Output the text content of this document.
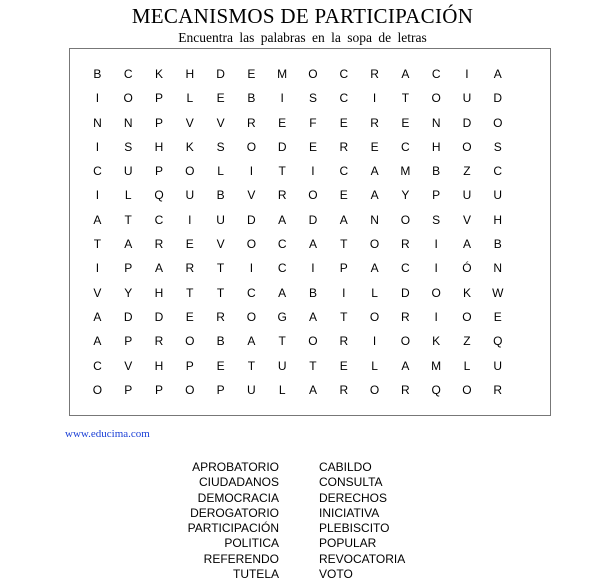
MECANISMOS DE PARTICIPACIÓN
Encuentra las palabras en la sopa de letras
B	C	K	H	D	E	M	O	C	R	A	C	I	A
I	O	P	L	E	B	I	S	C	I	T	O	U	D
N	N	P	V	V	R	E	F	E	R	E	N	D	O
I	S	H	K	S	O	D	E	R	E	C	H	O	S
C	U	P	O	L	I	T	I	C	A	M	B	Z	C
I	L	Q	U	B	V	R	O	E	A	Y	P	U	U
A	T	C	I	U	D	A	D	A	N	O	S	V	H
T	A	R	E	V	O	C	A	T	O	R	I	A	B
I	P	A	R	T	I	C	I	P	A	C	I	Ó	N
V	Y	H	T	T	C	A	B	I	L	D	O	K	W
A	D	D	E	R	O	G	A	T	O	R	I	O	E
A	P	R	O	B	A	T	O	R	I	O	K	Z	Q
C	V	H	P	E	T	U	T	E	L	A	M	L	U
O	P	P	O	P	U	L	A	R	O	R	Q	O	R
www.educima.com
APROBATORIO
CIUDADANOS
DEMOCRACIA
DEROGATORIO
PARTICIPACIÓN
POLITICA
REFERENDO
TUTELA
CABILDO
CONSULTA
DERECHOS
INICIATIVA
PLEBISCITO
POPULAR
REVOCATORIA
VOTO
